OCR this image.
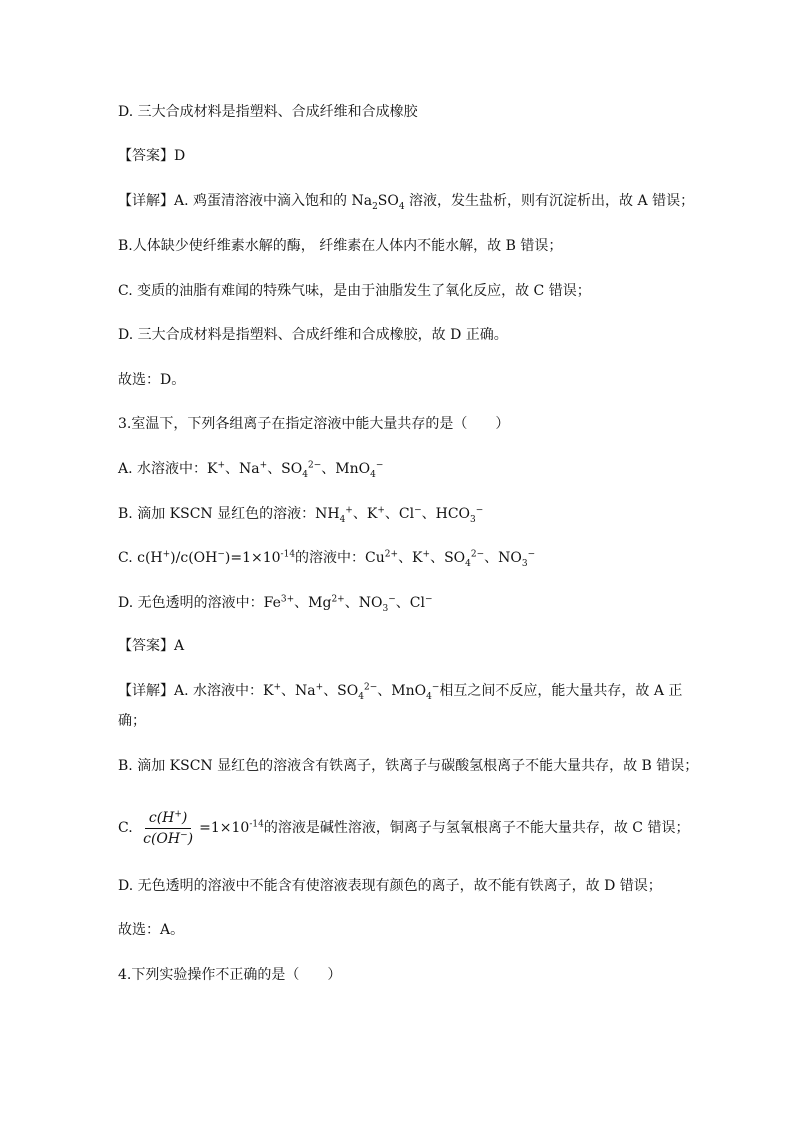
D. 三大合成材料是指塑料、合成纤维和合成橡胶
【答案】D
【详解】A. 鸡蛋清溶液中滴入饱和的 $Na_2SO_4$ 溶液，发生盐析，则有沉淀析出，故 A 错误；
B.人体缺少使纤维素水解的酶， 纤维素在人体内不能水解，故 B 错误；
C. 变质的油脂有难闻的特殊气味，是由于油脂发生了氧化反应，故 C 错误；
D. 三大合成材料是指塑料、合成纤维和合成橡胶，故 D 正确。
故选：D。
3.室温下，下列各组离子在指定溶液中能大量共存的是（　　）
A. 水溶液中：K+、Na+、$SO_4^{2-}$、MnO$_4$−
B. 滴加 KSCN 显红色的溶液：$NH_4^+$、K+、Cl−、$HCO_3^-$
C. $c(H^+)/c(OH^-)=1\times 10^{-14}$的溶液中：$Cu^{2+}$、K+、$SO_4^{2-}$、$NO_3^-$
D. 无色透明的溶液中：$Fe^{3+}$、$Mg^{2+}$、$NO_3^-$、Cl−
【答案】A
【详解】A. 水溶液中：K+、Na+、$SO_4^{2-}$、MnO$_4$−相互之间不反应，能大量共存，故 A 正
确；
B. 滴加 KSCN 显红色的溶液含有铁离子，铁离子与碳酸氢根离子不能大量共存，故 B 错误；
C. $\frac{c(H^+)}{c(OH^-)} =1\times 10^{-14}$的溶液是碱性溶液，铜离子与氢氧根离子不能大量共存，故 C 错误；
D. 无色透明的溶液中不能含有使溶液表现有颜色的离子，故不能有铁离子，故 D 错误；
故选：A。
4.下列实验操作不正确的是（　　）
